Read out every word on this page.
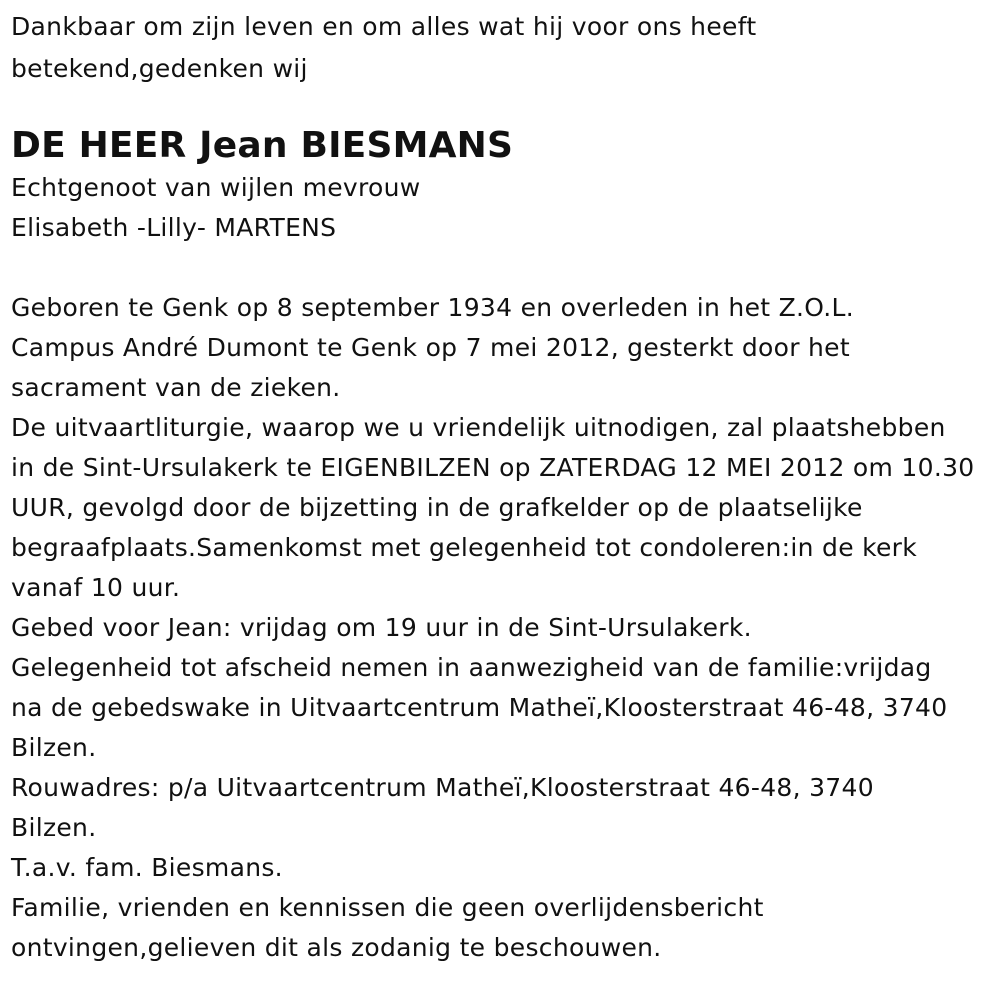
Dankbaar om zijn leven en om alles wat hij voor ons heeft
betekend,gedenken wij
DE HEER Jean BIESMANS
Echtgenoot van wijlen mevrouw
Elisabeth -Lilly- MARTENS
Geboren te Genk op 8 september 1934 en overleden in het Z.O.L.
Campus André Dumont te Genk op 7 mei 2012, gesterkt door het
sacrament van de zieken.
De uitvaartliturgie, waarop we u vriendelijk uitnodigen, zal plaatshebben
in de Sint-Ursulakerk te EIGENBILZEN op ZATERDAG 12 MEI 2012 om 10.30
UUR, gevolgd door de bijzetting in de grafkelder op de plaatselijke
begraafplaats.Samenkomst met gelegenheid tot condoleren:in de kerk
vanaf 10 uur.
Gebed voor Jean: vrijdag om 19 uur in de Sint-Ursulakerk.
Gelegenheid tot afscheid nemen in aanwezigheid van de familie:vrijdag
na de gebedswake in Uitvaartcentrum Matheï,Kloosterstraat 46-48, 3740
Bilzen.
Rouwadres: p/a Uitvaartcentrum Matheï,Kloosterstraat 46-48, 3740
Bilzen.
T.a.v. fam. Biesmans.
Familie, vrienden en kennissen die geen overlijdensbericht
ontvingen,gelieven dit als zodanig te beschouwen.
